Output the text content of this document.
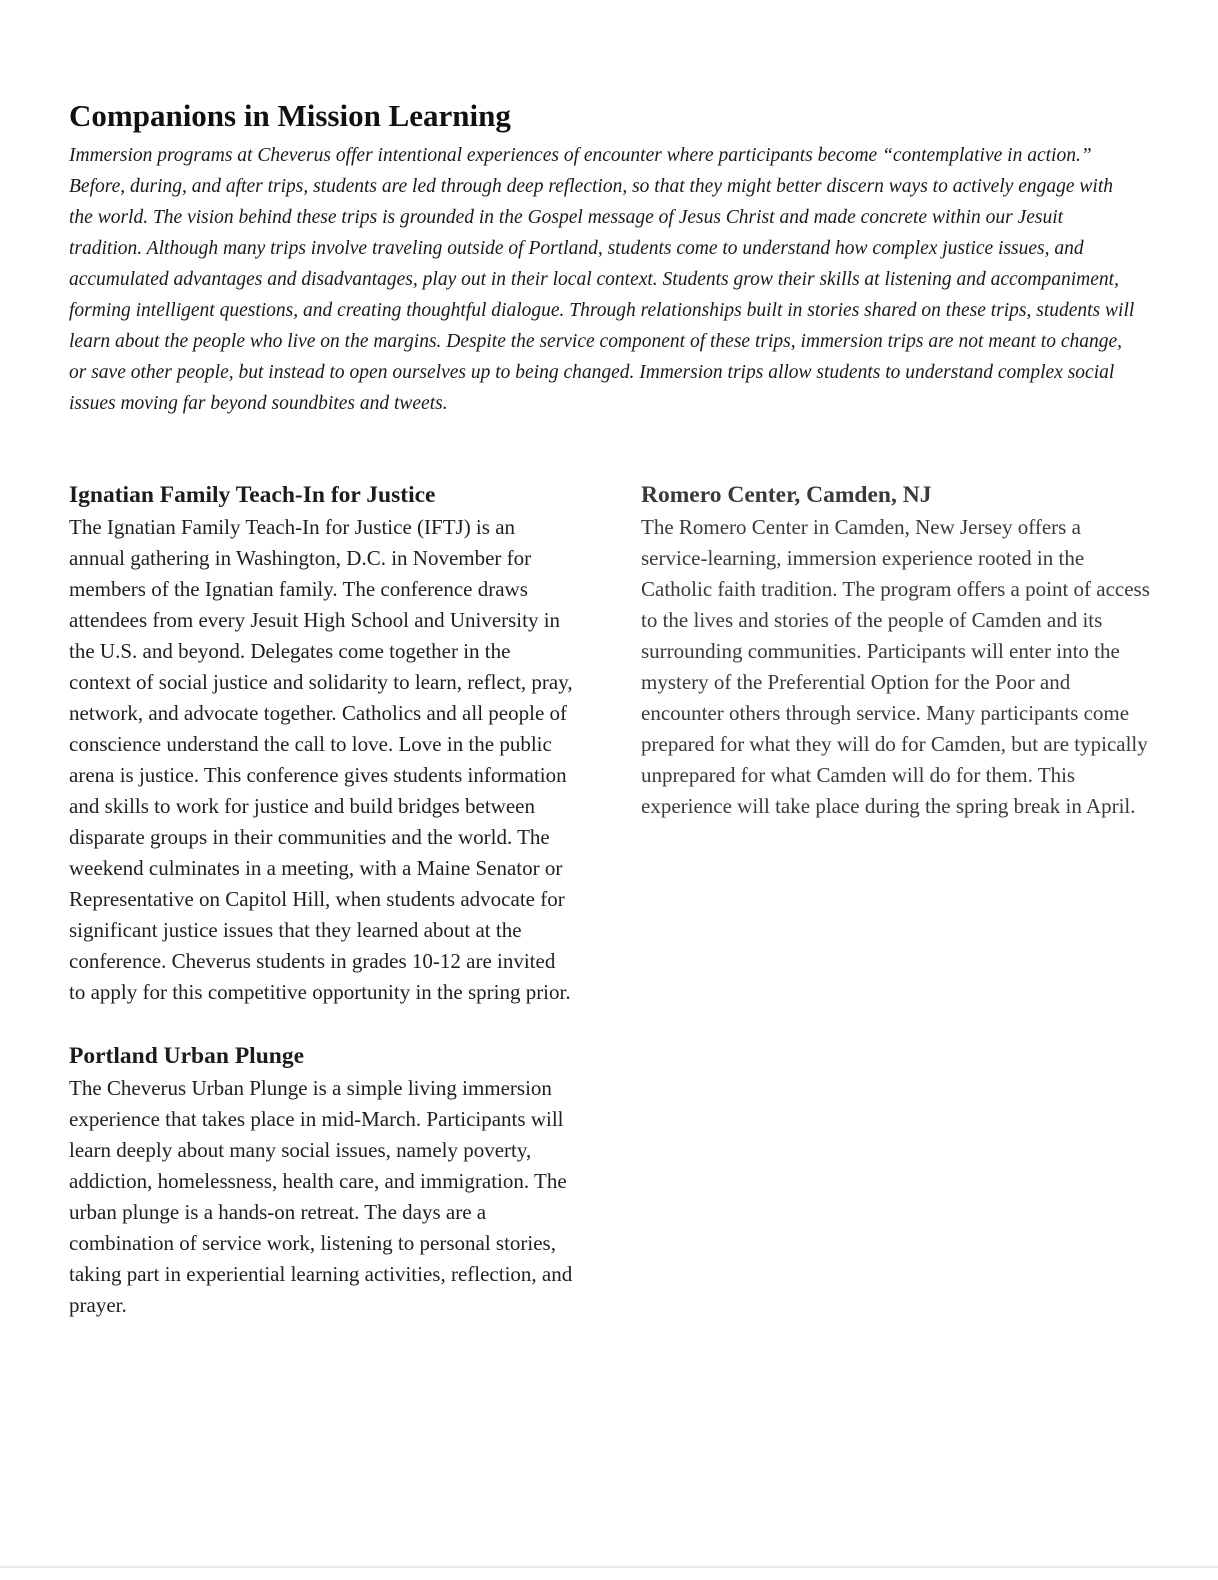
Companions in Mission Learning

Immersion programs at Cheverus offer intentional experiences of encounter where participants become “contemplative in action.” Before, during, and after trips, students are led through deep reflection, so that they might better discern ways to actively engage with the world. The vision behind these trips is grounded in the Gospel message of Jesus Christ and made concrete within our Jesuit tradition. Although many trips involve traveling outside of Portland, students come to understand how complex justice issues, and accumulated advantages and disadvantages, play out in their local context. Students grow their skills at listening and accompaniment, forming intelligent questions, and creating thoughtful dialogue. Through relationships built in stories shared on these trips, students will learn about the people who live on the margins. Despite the service component of these trips, immersion trips are not meant to change, or save other people, but instead to open ourselves up to being changed. Immersion trips allow students to understand complex social issues moving far beyond soundbites and tweets.

Ignatian Family Teach-In for Justice

The Ignatian Family Teach-In for Justice (IFTJ) is an annual gathering in Washington, D.C. in November for members of the Ignatian family. The conference draws attendees from every Jesuit High School and University in the U.S. and beyond. Delegates come together in the context of social justice and solidarity to learn, reflect, pray, network, and advocate together. Catholics and all people of conscience understand the call to love. Love in the public arena is justice. This conference gives students information and skills to work for justice and build bridges between disparate groups in their communities and the world. The weekend culminates in a meeting, with a Maine Senator or Representative on Capitol Hill, when students advocate for significant justice issues that they learned about at the conference. Cheverus students in grades 10-12 are invited to apply for this competitive opportunity in the spring prior.

Portland Urban Plunge

The Cheverus Urban Plunge is a simple living immersion experience that takes place in mid-March. Participants will learn deeply about many social issues, namely poverty, addiction, homelessness, health care, and immigration. The urban plunge is a hands-on retreat. The days are a combination of service work, listening to personal stories, taking part in experiential learning activities, reflection, and prayer.

Romero Center, Camden, NJ

The Romero Center in Camden, New Jersey offers a service-learning, immersion experience rooted in the Catholic faith tradition. The program offers a point of access to the lives and stories of the people of Camden and its surrounding communities. Participants will enter into the mystery of the Preferential Option for the Poor and encounter others through service. Many participants come prepared for what they will do for Camden, but are typically unprepared for what Camden will do for them. This experience will take place during the spring break in April.
